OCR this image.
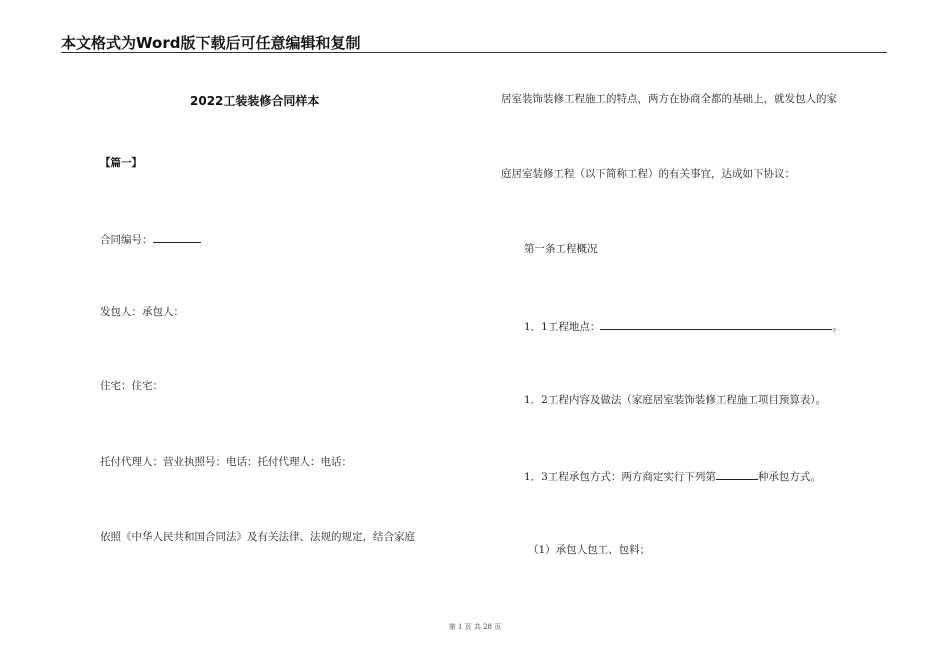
本文格式为Word版下载后可任意编辑和复制
2022工装装修合同样本
【篇一】
合同编号：
发包人：承包人：
住宅：住宅：
托付代理人：营业执照号：电话：托付代理人：电话：
依照《中华人民共和国合同法》及有关法律、法规的规定，结合家庭
居室装饰装修工程施工的特点，两方在协商全都的基础上，就发包人的家
庭居室装修工程（以下简称工程）的有关事宜，达成如下协议：
第一条工程概况
1．1工程地点：	。
1．2工程内容及做法（家庭居室装饰装修工程施工项目预算表）。
1．3工程承包方式：两方商定实行下列第	种承包方式。
（1）承包人包工、包料；
第 1 页 共 28 页
